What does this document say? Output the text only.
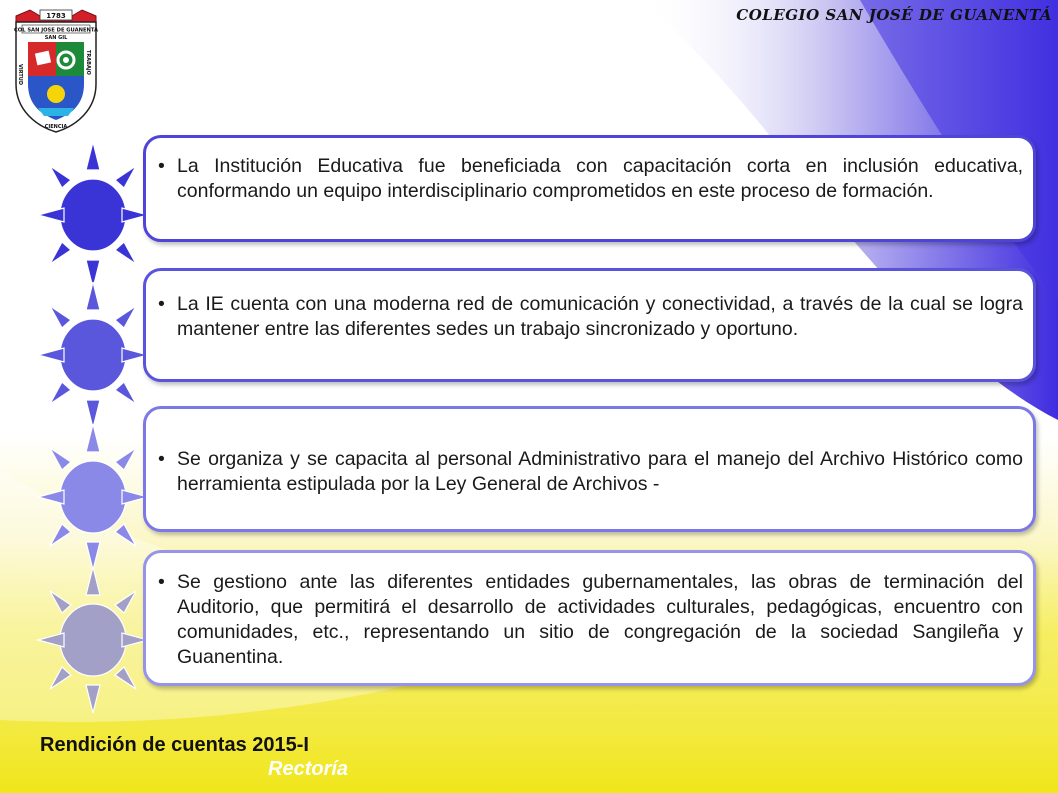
COLEGIO SAN JOSÉ DE GUANENTÁ
1783
COL SAN JOSE DE GUANENTA
SAN GIL
CIENCIA
VIRTUD	TRABAJO

• La Institución Educativa fue beneficiada con capacitación corta en inclusión educativa, conformando un equipo interdisciplinario comprometidos en este proceso de formación.

• La IE cuenta con una moderna red de comunicación y conectividad, a través de la cual se logra mantener entre las diferentes sedes un trabajo sincronizado y oportuno.

• Se organiza y se capacita al personal Administrativo para el manejo del Archivo Histórico como herramienta estipulada por la Ley General de Archivos -

• Se gestiono ante las diferentes entidades gubernamentales, las obras de terminación del Auditorio, que permitirá el desarrollo de actividades culturales, pedagógicas, encuentro con comunidades, etc., representando un sitio de congregación de la sociedad Sangileña y Guanentina.

Rendición de cuentas 2015-I
Rectoría
